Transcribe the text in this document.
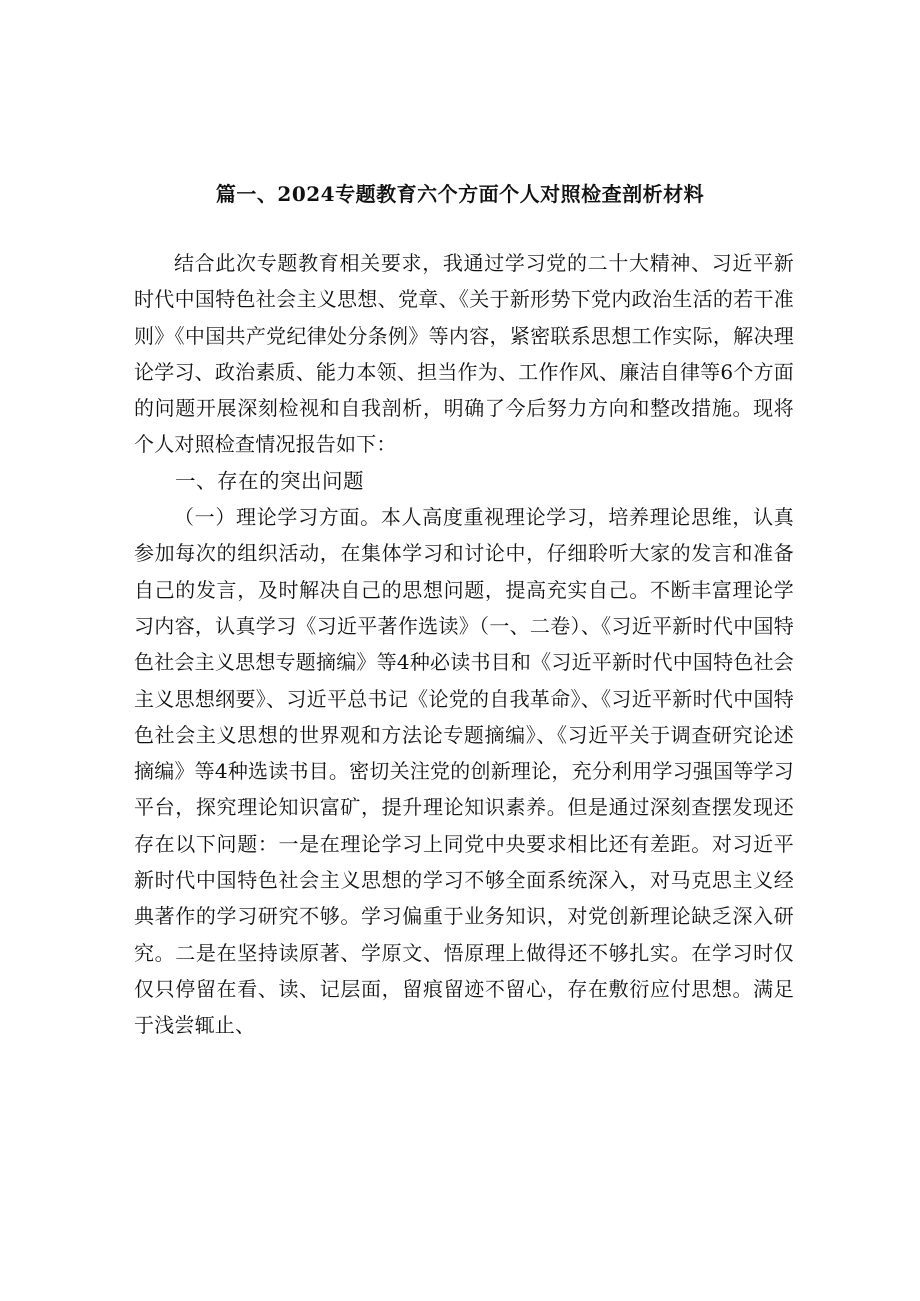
篇一、2024专题教育六个方面个人对照检查剖析材料

结合此次专题教育相关要求，我通过学习党的二十大精神、习近平新时代中国特色社会主义思想、党章、《关于新形势下党内政治生活的若干准则》《中国共产党纪律处分条例》等内容，紧密联系思想工作实际，解决理论学习、政治素质、能力本领、担当作为、工作作风、廉洁自律等6个方面的问题开展深刻检视和自我剖析，明确了今后努力方向和整改措施。现将个人对照检查情况报告如下：

一、存在的突出问题

（一）理论学习方面。本人高度重视理论学习，培养理论思维，认真参加每次的组织活动，在集体学习和讨论中，仔细聆听大家的发言和准备自己的发言，及时解决自己的思想问题，提高充实自己。不断丰富理论学习内容，认真学习《习近平著作选读》（一、二卷）、《习近平新时代中国特色社会主义思想专题摘编》等4种必读书目和《习近平新时代中国特色社会主义思想纲要》、习近平总书记《论党的自我革命》、《习近平新时代中国特色社会主义思想的世界观和方法论专题摘编》、《习近平关于调查研究论述摘编》等4种选读书目。密切关注党的创新理论，充分利用学习强国等学习平台，探究理论知识富矿，提升理论知识素养。但是通过深刻查摆发现还存在以下问题：一是在理论学习上同党中央要求相比还有差距。对习近平新时代中国特色社会主义思想的学习不够全面系统深入，对马克思主义经典著作的学习研究不够。学习偏重于业务知识，对党创新理论缺乏深入研究。二是在坚持读原著、学原文、悟原理上做得还不够扎实。在学习时仅仅只停留在看、读、记层面，留痕留迹不留心，存在敷衍应付思想。满足于浅尝辄止、
